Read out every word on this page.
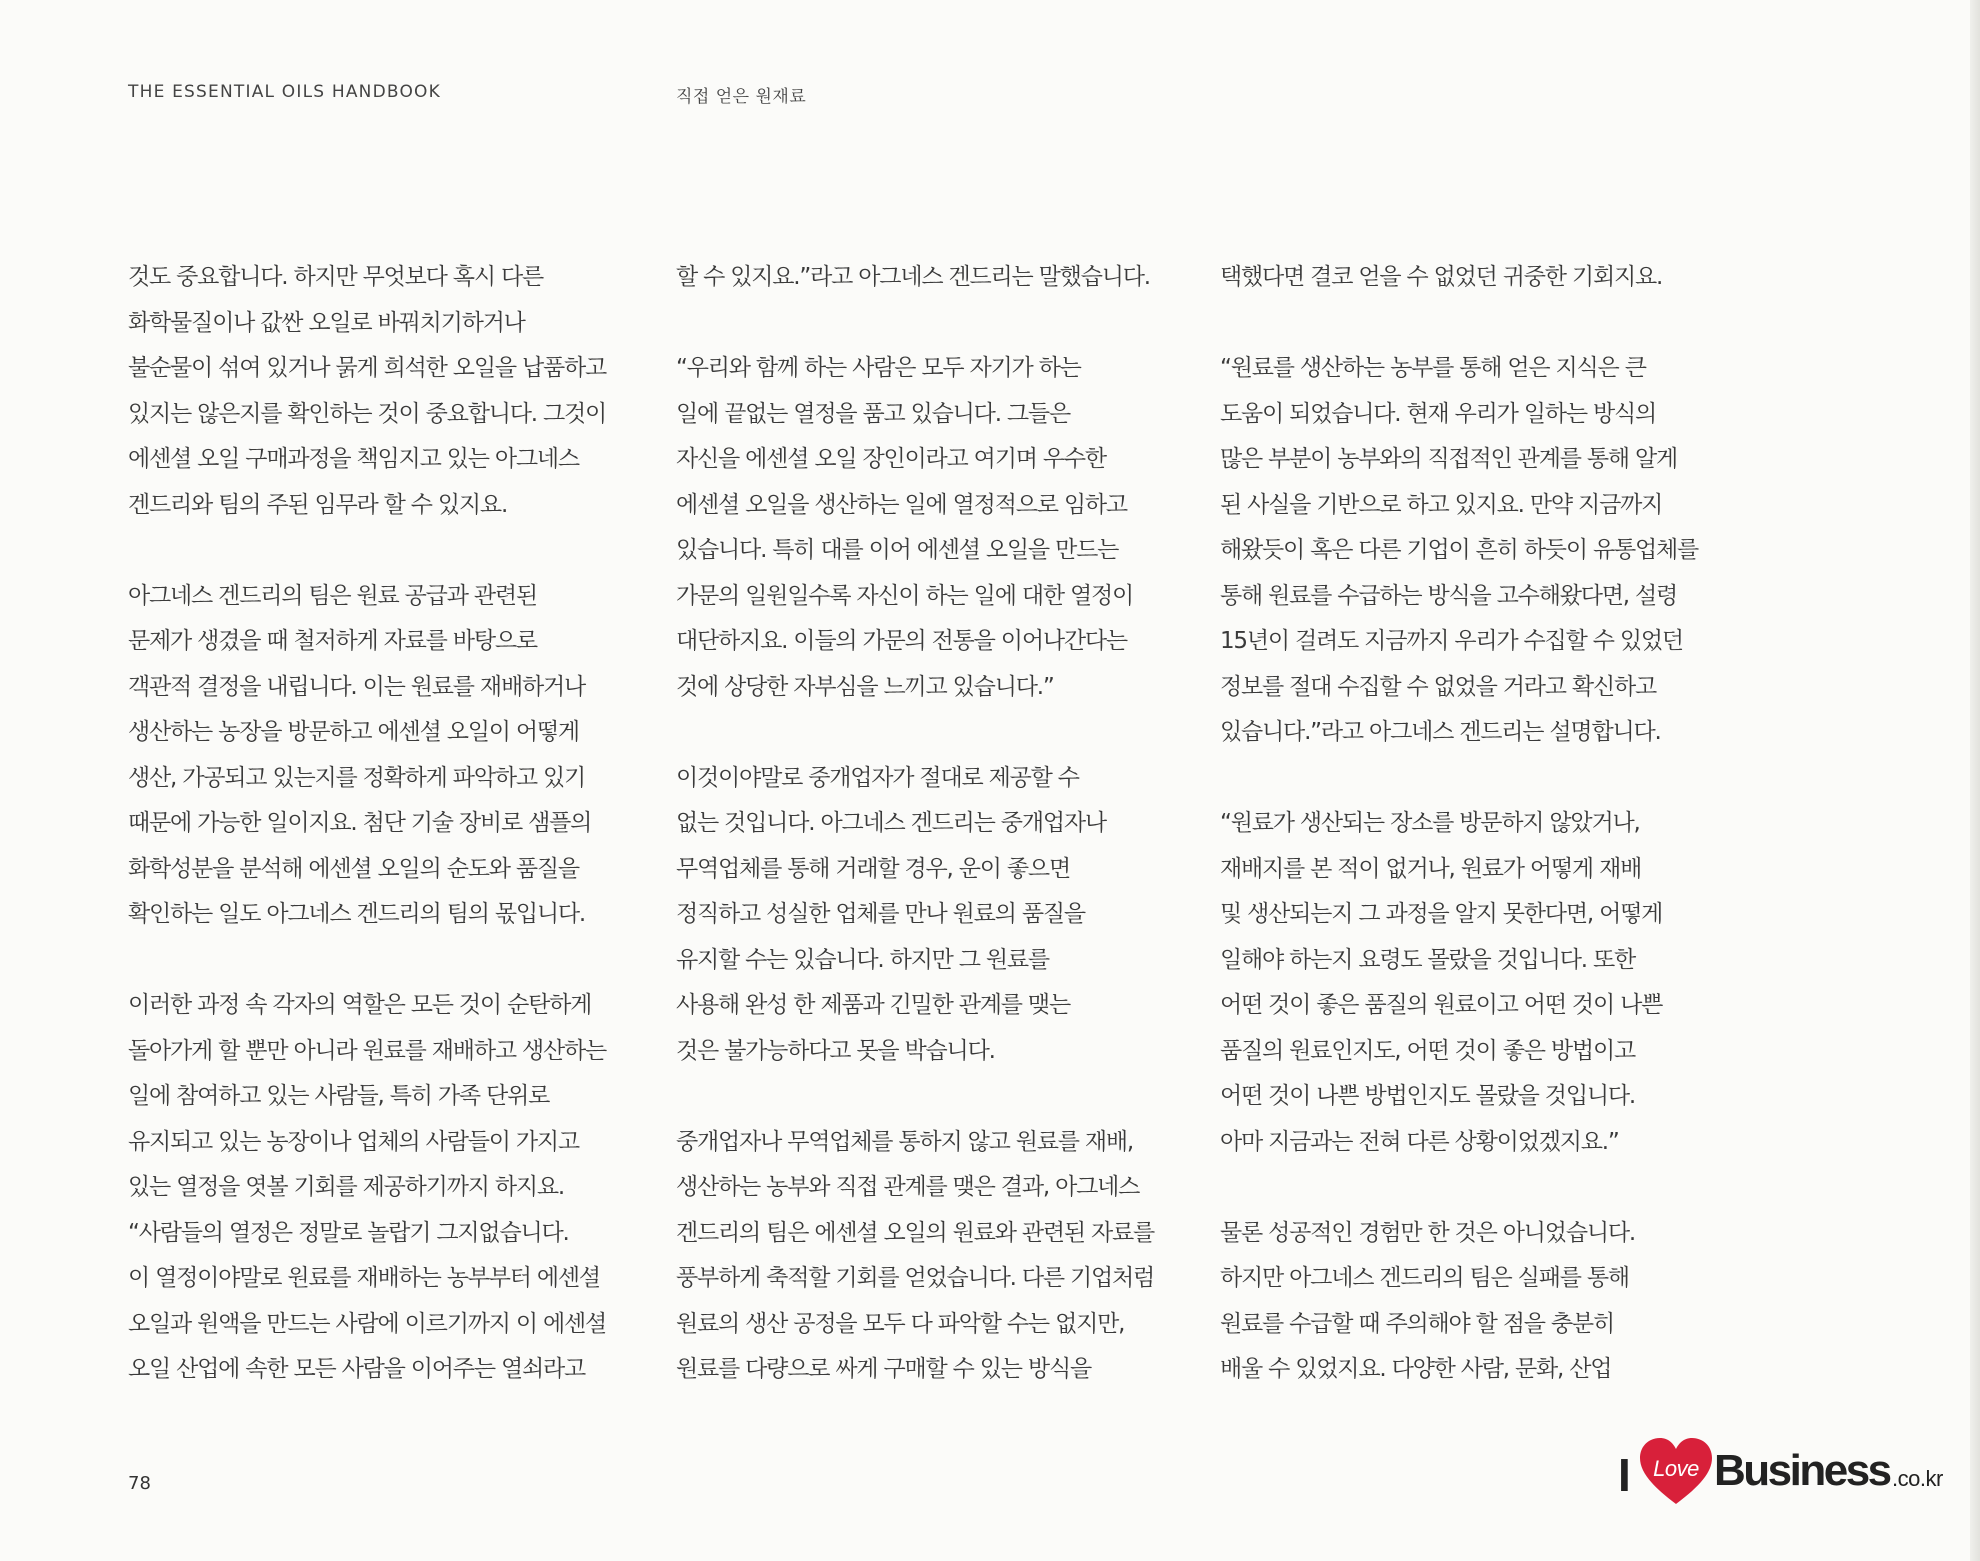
THE ESSENTIAL OILS HANDBOOK	직접 얻은 원재료

것도 중요합니다. 하지만 무엇보다 혹시 다른
화학물질이나 값싼 오일로 바꿔치기하거나
불순물이 섞여 있거나 묽게 희석한 오일을 납품하고
있지는 않은지를 확인하는 것이 중요합니다. 그것이
에센셜 오일 구매과정을 책임지고 있는 아그네스
겐드리와 팀의 주된 임무라 할 수 있지요.

아그네스 겐드리의 팀은 원료 공급과 관련된
문제가 생겼을 때 철저하게 자료를 바탕으로
객관적 결정을 내립니다. 이는 원료를 재배하거나
생산하는 농장을 방문하고 에센셜 오일이 어떻게
생산, 가공되고 있는지를 정확하게 파악하고 있기
때문에 가능한 일이지요. 첨단 기술 장비로 샘플의
화학성분을 분석해 에센셜 오일의 순도와 품질을
확인하는 일도 아그네스 겐드리의 팀의 몫입니다.

이러한 과정 속 각자의 역할은 모든 것이 순탄하게
돌아가게 할 뿐만 아니라 원료를 재배하고 생산하는
일에 참여하고 있는 사람들, 특히 가족 단위로
유지되고 있는 농장이나 업체의 사람들이 가지고
있는 열정을 엿볼 기회를 제공하기까지 하지요.

“사람들의 열정은 정말로 놀랍기 그지없습니다.
이 열정이야말로 원료를 재배하는 농부부터 에센셜
오일과 원액을 만드는 사람에 이르기까지 이 에센셜
오일 산업에 속한 모든 사람을 이어주는 열쇠라고

할 수 있지요.”라고 아그네스 겐드리는 말했습니다.

“우리와 함께 하는 사람은 모두 자기가 하는
일에 끝없는 열정을 품고 있습니다. 그들은
자신을 에센셜 오일 장인이라고 여기며 우수한
에센셜 오일을 생산하는 일에 열정적으로 임하고
있습니다. 특히 대를 이어 에센셜 오일을 만드는
가문의 일원일수록 자신이 하는 일에 대한 열정이
대단하지요. 이들의 가문의 전통을 이어나간다는
것에 상당한 자부심을 느끼고 있습니다.”

이것이야말로 중개업자가 절대로 제공할 수
없는 것입니다. 아그네스 겐드리는 중개업자나
무역업체를 통해 거래할 경우, 운이 좋으면
정직하고 성실한 업체를 만나 원료의 품질을
유지할 수는 있습니다. 하지만 그 원료를
사용해 완성 한 제품과 긴밀한 관계를 맺는
것은 불가능하다고 못을 박습니다.

중개업자나 무역업체를 통하지 않고 원료를 재배,
생산하는 농부와 직접 관계를 맺은 결과, 아그네스
겐드리의 팀은 에센셜 오일의 원료와 관련된 자료를
풍부하게 축적할 기회를 얻었습니다. 다른 기업처럼
원료의 생산 공정을 모두 다 파악할 수는 없지만,
원료를 다량으로 싸게 구매할 수 있는 방식을

택했다면 결코 얻을 수 없었던 귀중한 기회지요.

“원료를 생산하는 농부를 통해 얻은 지식은 큰
도움이 되었습니다. 현재 우리가 일하는 방식의
많은 부분이 농부와의 직접적인 관계를 통해 알게
된 사실을 기반으로 하고 있지요. 만약 지금까지
해왔듯이 혹은 다른 기업이 흔히 하듯이 유통업체를
통해 원료를 수급하는 방식을 고수해왔다면, 설령
15년이 걸려도 지금까지 우리가 수집할 수 있었던
정보를 절대 수집할 수 없었을 거라고 확신하고
있습니다.”라고 아그네스 겐드리는 설명합니다.

“원료가 생산되는 장소를 방문하지 않았거나,
재배지를 본 적이 없거나, 원료가 어떻게 재배
및 생산되는지 그 과정을 알지 못한다면, 어떻게
일해야 하는지 요령도 몰랐을 것입니다. 또한
어떤 것이 좋은 품질의 원료이고 어떤 것이 나쁜
품질의 원료인지도, 어떤 것이 좋은 방법이고
어떤 것이 나쁜 방법인지도 몰랐을 것입니다.
아마 지금과는 전혀 다른 상황이었겠지요.”

물론 성공적인 경험만 한 것은 아니었습니다.
하지만 아그네스 겐드리의 팀은 실패를 통해
원료를 수급할 때 주의해야 할 점을 충분히
배울 수 있었지요. 다양한 사람, 문화, 산업

78	I	Love Business .co.kr
